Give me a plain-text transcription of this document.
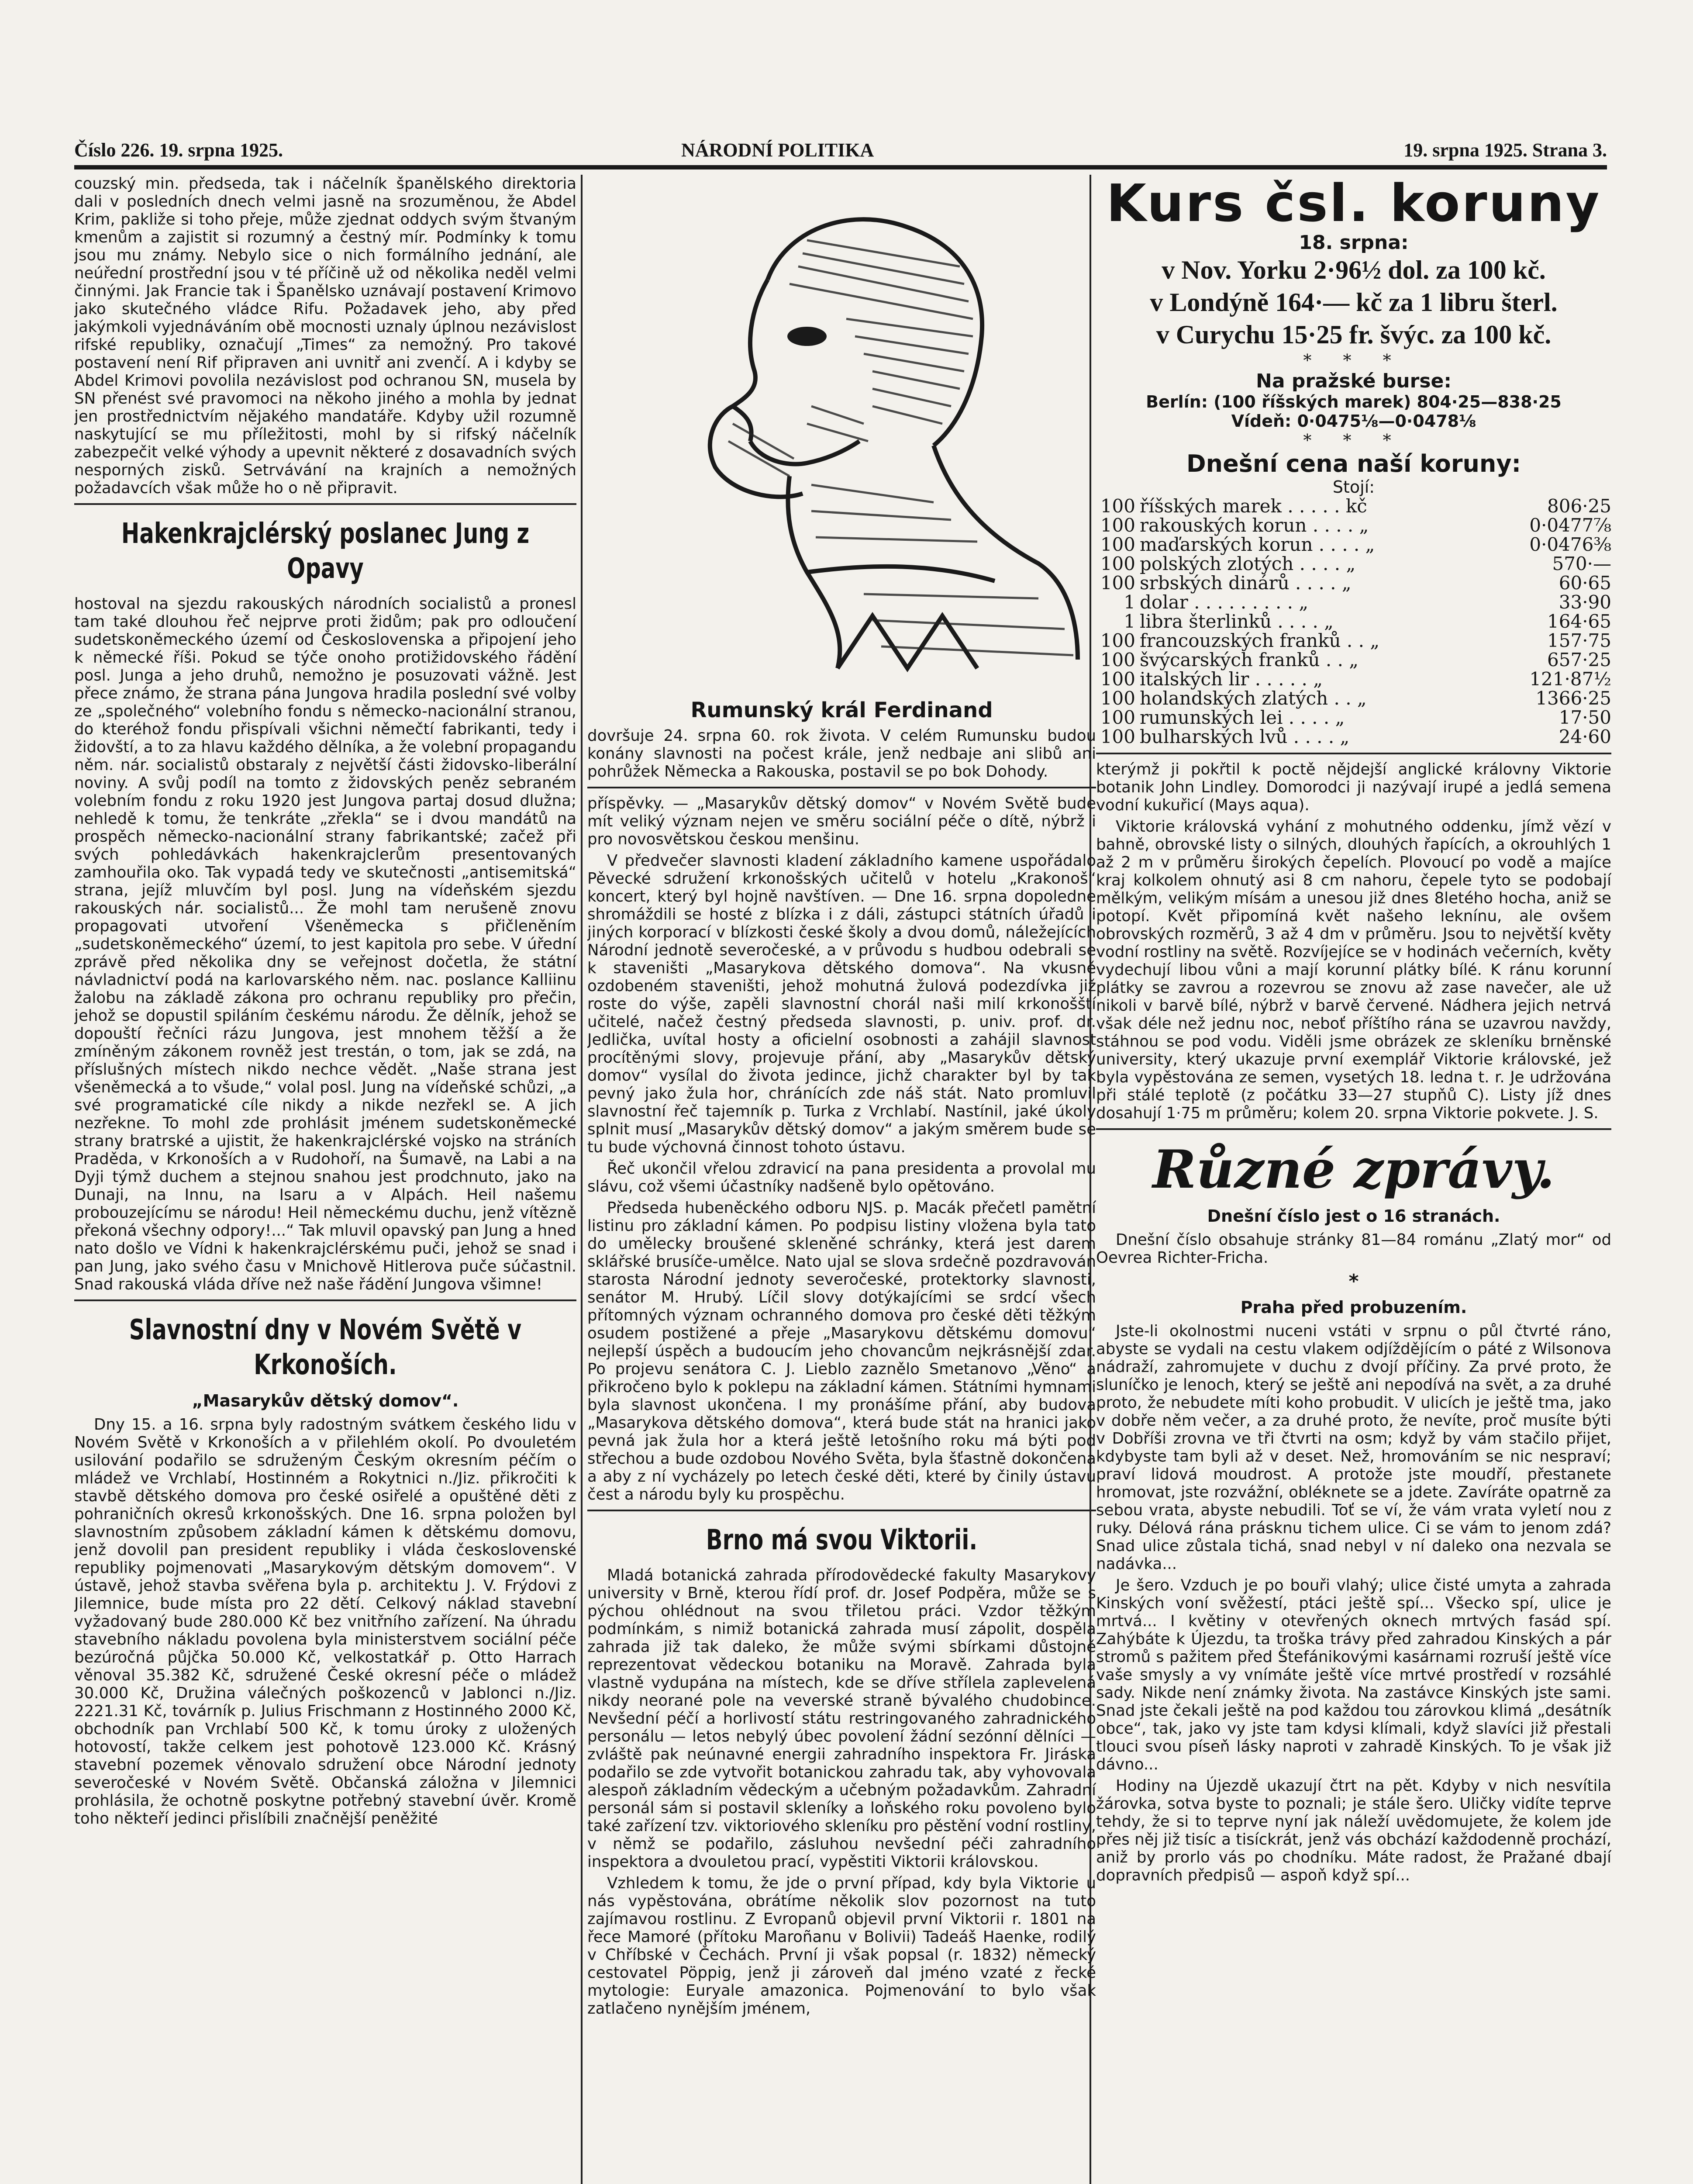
Číslo 226. 19. srpna 1925.	NÁRODNÍ POLITIKA	19. srpna 1925. Strana 3.

couzský min. předseda, tak i náčelník španělského direktoria dali v posledních dnech velmi jasně na srozuměnou, že Abdel Krim, pakliže si toho přeje, může zjednat oddych svým štvaným kmenům a zajistit si rozumný a čestný mír. Podmínky k tomu jsou mu známy. Nebylo sice o nich formálního jednání, ale neúřední prostřední jsou v té příčině už od několika neděl velmi činnými. Jak Francie tak i Španělsko uznávají postavení Krimovo jako skutečného vládce Rifu. Požadavek jeho, aby před jakýmkoli vyjednáváním obě mocnosti uznaly úplnou nezávislost rifské republiky, označují „Times“ za nemožný. Pro takové postavení není Rif připraven ani uvnitř ani zvenčí. A i kdyby se Abdel Krimovi povolila nezávislost pod ochranou SN, musela by SN přenést své pravomoci na někoho jiného a mohla by jednat jen prostřednictvím nějakého mandatáře. Kdyby užil rozumně naskytující se mu příležitosti, mohl by si rifský náčelník zabezpečit velké výhody a upevnit některé z dosavadních svých nesporných zisků. Setrvávání na krajních a nemožných požadavcích však může ho o ně připravit.

Hakenkrajclérský poslanec Jung z Opavy

hostoval na sjezdu rakouských národních socialistů a pronesl tam také dlouhou řeč nejprve proti židům; pak pro odloučení sudetskoněmeckého území od Československa a připojení jeho k německé říši. Pokud se týče onoho protižidovského řádění posl. Junga a jeho druhů, nemožno je posuzovati vážně. Jest přece známo, že strana pána Jungova hradila poslední své volby ze „společného“ volebního fondu s německo-nacionální stranou, do kteréhož fondu přispívali všichni němečtí fabrikanti, tedy i židovští, a to za hlavu každého dělníka, a že volební propagandu něm. nár. socialistů obstaraly z největší části židovsko-liberální noviny. A svůj podíl na tomto z židovských peněz sebraném volebním fondu z roku 1920 jest Jungova partaj dosud dlužna; nehledě k tomu, že tenkráte „zřekla“ se i dvou mandátů na prospěch německo-nacionální strany fabrikantské; začež při svých pohledávkách hakenkrajclerům presentovaných zamhouřila oko. Tak vypadá tedy ve skutečnosti „antisemitská“ strana, jejíž mluvčím byl posl. Jung na vídeňském sjezdu rakouských nár. socialistů... Že mohl tam nerušeně znovu propagovati utvoření Všeněmecka s přičleněním „sudetskoněmeckého“ území, to jest kapitola pro sebe. V úřední zprávě před několika dny se veřejnost dočetla, že státní návladnictví podá na karlovarského něm. nac. poslance Kalliinu žalobu na základě zákona pro ochranu republiky pro přečin, jehož se dopustil spiláním českému národu. Že dělník, jehož se dopouští řečníci rázu Jungova, jest mnohem těžší a že zmíněným zákonem rovněž jest trestán, o tom, jak se zdá, na příslušných místech nikdo nechce vědět. „Naše strana jest všeněmecká a to všude,“ volal posl. Jung na vídeňské schůzi, „a své programatické cíle nikdy a nikde nezřekl se. A jich nezřekne. To mohl zde prohlásit jménem sudetskoněmecké strany bratrské a ujistit, že hakenkrajclérské vojsko na stráních Praděda, v Krkonoších a v Rudohoří, na Šumavě, na Labi a na Dyji týmž duchem a stejnou snahou jest prodchnuto, jako na Dunaji, na Innu, na Isaru a v Alpách. Heil našemu probouzejícímu se národu! Heil německému duchu, jenž vítězně překoná všechny odpory!...“ Tak mluvil opavský pan Jung a hned nato došlo ve Vídni k hakenkrajclérskému puči, jehož se snad i pan Jung, jako svého času v Mnichově Hitlerova puče súčastnil. Snad rakouská vláda dříve než naše řádění Jungova všimne!

Slavnostní dny v Novém Světě v Krkonoších.
„Masarykův dětský domov“.

Dny 15. a 16. srpna byly radostným svátkem českého lidu v Novém Světě v Krkonoších a v přilehlém okolí. Po dvouletém usilování podařilo se sdruženým Českým okresním péčím o mládež ve Vrchlabí, Hostinném a Rokytnici n./Jiz. přikročiti k stavbě dětského domova pro české osiřelé a opuštěné děti z pohraničních okresů krkonošských. Dne 16. srpna položen byl slavnostním způsobem základní kámen k dětskému domovu, jenž dovolil pan president republiky i vláda československé republiky pojmenovati „Masarykovým dětským domovem“. V ústavě, jehož stavba svěřena byla p. architektu J. V. Frýdovi z Jilemnice, bude místa pro 22 dětí. Celkový náklad stavební vyžadovaný bude 280.000 Kč bez vnitřního zařízení. Na úhradu stavebního nákladu povolena byla ministerstvem sociální péče bezúročná půjčka 50.000 Kč, velkostatkář p. Otto Harrach věnoval 35.382 Kč, sdružené České okresní péče o mládež 30.000 Kč, Družina válečných poškozenců v Jablonci n./Jiz. 2221.31 Kč, továrník p. Julius Frischmann z Hostinného 2000 Kč, obchodník pan Vrchlabí 500 Kč, k tomu úroky z uložených hotovostí, takže celkem jest pohotově 123.000 Kč. Krásný stavební pozemek věnovalo sdružení obce Národní jednoty severočeské v Novém Světě. Občanská záložna v Jilemnici prohlásila, že ochotně poskytne potřebný stavební úvěr. Kromě toho někteří jedinci přislíbili značnější peněžité

Rumunský král Ferdinand

dovršuje 24. srpna 60. rok života. V celém Rumunsku budou konány slavnosti na počest krále, jenž nedbaje ani slibů ani pohrůžek Německa a Rakouska, postavil se po bok Dohody.

příspěvky. — „Masarykův dětský domov“ v Novém Světě bude mít veliký význam nejen ve směru sociální péče o dítě, nýbrž i pro novosvětskou českou menšinu.

V předvečer slavnosti kladení základního kamene uspořádalo Pěvecké sdružení krkonošských učitelů v hotelu „Krakonoš“ koncert, který byl hojně navštíven. — Dne 16. srpna dopoledne shromáždili se hosté z blízka i z dáli, zástupci státních úřadů i jiných korporací v blízkosti české školy a dvou domů, náležejících Národní jednotě severočeské, a v průvodu s hudbou odebrali se k staveništi „Masarykova dětského domova“. Na vkusně ozdobeném staveništi, jehož mohutná žulová podezdívka již roste do výše, zapěli slavnostní chorál naši milí krkonošští učitelé, načež čestný předseda slavnosti, p. univ. prof. dr. Jedlička, uvítal hosty a oficielní osobnosti a zahájil slavnost procítěnými slovy, projevuje přání, aby „Masarykův dětský domov“ vysílal do života jedince, jichž charakter byl by tak pevný jako žula hor, chránících zde náš stát. Nato promluvil slavnostní řeč tajemník p. Turka z Vrchlabí. Nastínil, jaké úkoly splnit musí „Masarykův dětský domov“ a jakým směrem bude se tu bude výchovná činnost tohoto ústavu.

Řeč ukončil vřelou zdravicí na pana presidenta a provolal mu slávu, což všemi účastníky nadšeně bylo opětováno.

Předseda hubeněckého odboru NJS. p. Macák přečetl pamětní listinu pro základní kámen. Po podpisu listiny vložena byla tato do umělecky broušené skleněné schránky, která jest darem sklářské brusíče-umělce. Nato ujal se slova srdečně pozdravován starosta Národní jednoty severočeské, protektorky slavnosti, senátor M. Hrubý. Líčil slovy dotýkajícími se srdcí všech přítomných význam ochranného domova pro české děti těžkým osudem postižené a přeje „Masarykovu dětskému domovu“ nejlepší úspěch a budoucím jeho chovancům nejkrásnější zdar. Po projevu senátora C. J. Lieblo zaznělo Smetanovo „Věno“ a přikročeno bylo k poklepu na základní kámen. Státními hymnami byla slavnost ukončena. I my pronášíme přání, aby budova „Masarykova dětského domova“, která bude stát na hranici jako pevná jak žula hor a která ještě letošního roku má býti pod střechou a bude ozdobou Nového Světa, byla šťastně dokončena a aby z ní vycházely po letech české děti, které by činily ústavu čest a národu byly ku prospěchu.

Brno má svou Viktorii.

Mladá botanická zahrada přírodovědecké fakulty Masarykovy university v Brně, kterou řídí prof. dr. Josef Podpěra, může se s pýchou ohlédnout na svou třiletou práci. Vzdor těžkým podmínkám, s nimiž botanická zahrada musí zápolit, dospěla zahrada již tak daleko, že může svými sbírkami důstojně reprezentovat vědeckou botaniku na Moravě. Zahrada byla vlastně vydupána na místech, kde se dříve střílela zaplevelená nikdy neorané pole na veverské straně bývalého chudobince. Nevšední péčí a horlivostí státu restringovaného zahradnického personálu — letos nebylý úbec povolení žádní sezónní dělníci — zvláště pak neúnavné energii zahradního inspektora Fr. Jiráska podařilo se zde vytvořit botanickou zahradu tak, aby vyhovovala alespoň základním vědeckým a učebným požadavkům. Zahradní personál sám si postavil skleníky a loňského roku povoleno bylo také zařízení tzv. viktoriového skleníku pro pěstění vodní rostliny, v němž se podařilo, zásluhou nevšední péči zahradního inspektora a dvouletou prací, vypěstiti Viktorii královskou.

Vzhledem k tomu, že jde o první případ, kdy byla Viktorie u nás vypěstována, obrátíme několik slov pozornost na tuto zajímavou rostlinu. Z Evropanů objevil první Viktorii r. 1801 na řece Mamoré (přítoku Maroñanu v Bolivii) Tadeáš Haenke, rodilý v Chříbské v Čechách. První ji však popsal (r. 1832) německý cestovatel Pöppig, jenž ji zároveň dal jméno vzaté z řecké mytologie: Euryale amazonica. Pojmenování to bylo však zatlačeno nynějším jménem,

Kurs čsl. koruny
18. srpna:
v Nov. Yorku 2·96½ dol. za 100 kč.
v Londýně 164·— kč za 1 libru šterl.
v Curychu 15·25 fr. švýc. za 100 kč.
* * *
Na pražské burse:
Berlín: (100 říšských marek) 804·25—838·25
Vídeň: 0·0475⅛—0·0478⅛
* * *
Dnešní cena naší koruny:
Stojí:
100	říšských marek . . . . . kč	806·25
100	rakouských korun . . . . „	0·0477⅞
100	maďarských korun . . . . „	0·0476⅜
100	polských zlotých . . . . „	570·—
100	srbských dinárů . . . . „	60·65
1	dolar . . . . . . . . . „	33·90
1	libra šterlinků . . . . „	164·65
100	francouzských franků . . „	157·75
100	švýcarských franků . . „	657·25
100	italských lir . . . . . „	121·87½
100	holandských zlatých . . „	1366·25
100	rumunských lei . . . . „	17·50
100	bulharských lvů . . . . „	24·60

kterýmž ji pokřtil k poctě nějdejší anglické královny Viktorie botanik John Lindley. Domorodci ji nazývají irupé a jedlá semena vodní kukuřicí (Mays aqua).

Viktorie královská vyhání z mohutného oddenku, jímž vězí v bahně, obrovské listy o silných, dlouhých řapících, a okrouhlých 1 až 2 m v průměru širokých čepelích. Plovoucí po vodě a majíce kraj kolkolem ohnutý asi 8 cm nahoru, čepele tyto se podobají mělkým, velikým mísám a unesou již dnes 8letého hocha, aniž se potopí. Květ připomíná květ našeho leknínu, ale ovšem obrovských rozměrů, 3 až 4 dm v průměru. Jsou to největší květy vodní rostliny na světě. Rozvíjejíce se v hodinách večerních, květy vydechují libou vůni a mají korunní plátky bílé. K ránu korunní plátky se zavrou a rozevrou se znovu až zase navečer, ale už nikoli v barvě bílé, nýbrž v barvě červené. Nádhera jejich netrvá však déle než jednu noc, neboť příštího rána se uzavrou navždy, stáhnou se pod vodu. Viděli jsme obrázek ze skleníku brněnské university, který ukazuje první exemplář Viktorie královské, jež byla vypěstována ze semen, vysetých 18. ledna t. r. Je udržována při stálé teplotě (z počátku 33—27 stupňů C). Listy jíž dnes dosahují 1·75 m průměru; kolem 20. srpna Viktorie pokvete. J. S.

Různé zprávy.
Dnešní číslo jest o 16 stranách.

Dnešní číslo obsahuje stránky 81—84 románu „Zlatý mor“ od Oevrea Richter-Fricha.

*
Praha před probuzením.

Jste-li okolnostmi nuceni vstáti v srpnu o půl čtvrté ráno, abyste se vydali na cestu vlakem odjíždějícím o páté z Wilsonova nádraží, zahromujete v duchu z dvojí příčiny. Za prvé proto, že sluníčko je lenoch, který se ještě ani nepodívá na svět, a za druhé proto, že nebudete míti koho probudit. V ulicích je ještě tma, jako v dobře něm večer, a za druhé proto, že nevíte, proč musíte býti v Dobříši zrovna ve tři čtvrti na osm; když by vám stačilo přijet, kdybyste tam byli až v deset. Než, hromováním se nic nespraví; praví lidová moudrost. A protože jste moudří, přestanete hromovat, jste rozvážní, obléknete se a jdete. Zavíráte opatrně za sebou vrata, abyste nebudili. Toť se ví, že vám vrata vyletí nou z ruky. Délová rána prásknu tichem ulice. Ci se vám to jenom zdá? Snad ulice zůstala tichá, snad nebyl v ní daleko ona nezvala se nadávka...

Je šero. Vzduch je po bouři vlahý; ulice čisté umyta a zahrada Kinských voní svěžestí, ptáci ještě spí... Všecko spí, ulice je mrtvá... I květiny v otevřených oknech mrtvých fasád spí. Zahýbáte k Újezdu, ta troška trávy před zahradou Kinských a pár stromů s pažitem před Štefánikovými kasárnami rozruší ještě více vaše smysly a vy vnímáte ještě více mrtvé prostředí v rozsáhlé sady. Nikde není známky života. Na zastávce Kinských jste sami. Snad jste čekali ještě na pod každou tou zárovkou klimá „desátník obce“, tak, jako vy jste tam kdysi klímali, když slavíci již přestali tlouci svou píseň lásky naproti v zahradě Kinských. To je však již dávno...

Hodiny na Újezdě ukazují čtrt na pět. Kdyby v nich nesvítila žárovka, sotva byste to poznali; je stále šero. Uličky vidíte teprve tehdy, že si to teprve nyní jak náleží uvědomujete, že kolem jde přes něj již tisíc a tisíckrát, jenž vás obchází každodenně prochází, aniž by prorlo vás po chodníku. Máte radost, že Pražané dbají dopravních předpisů — aspoň když spí...
